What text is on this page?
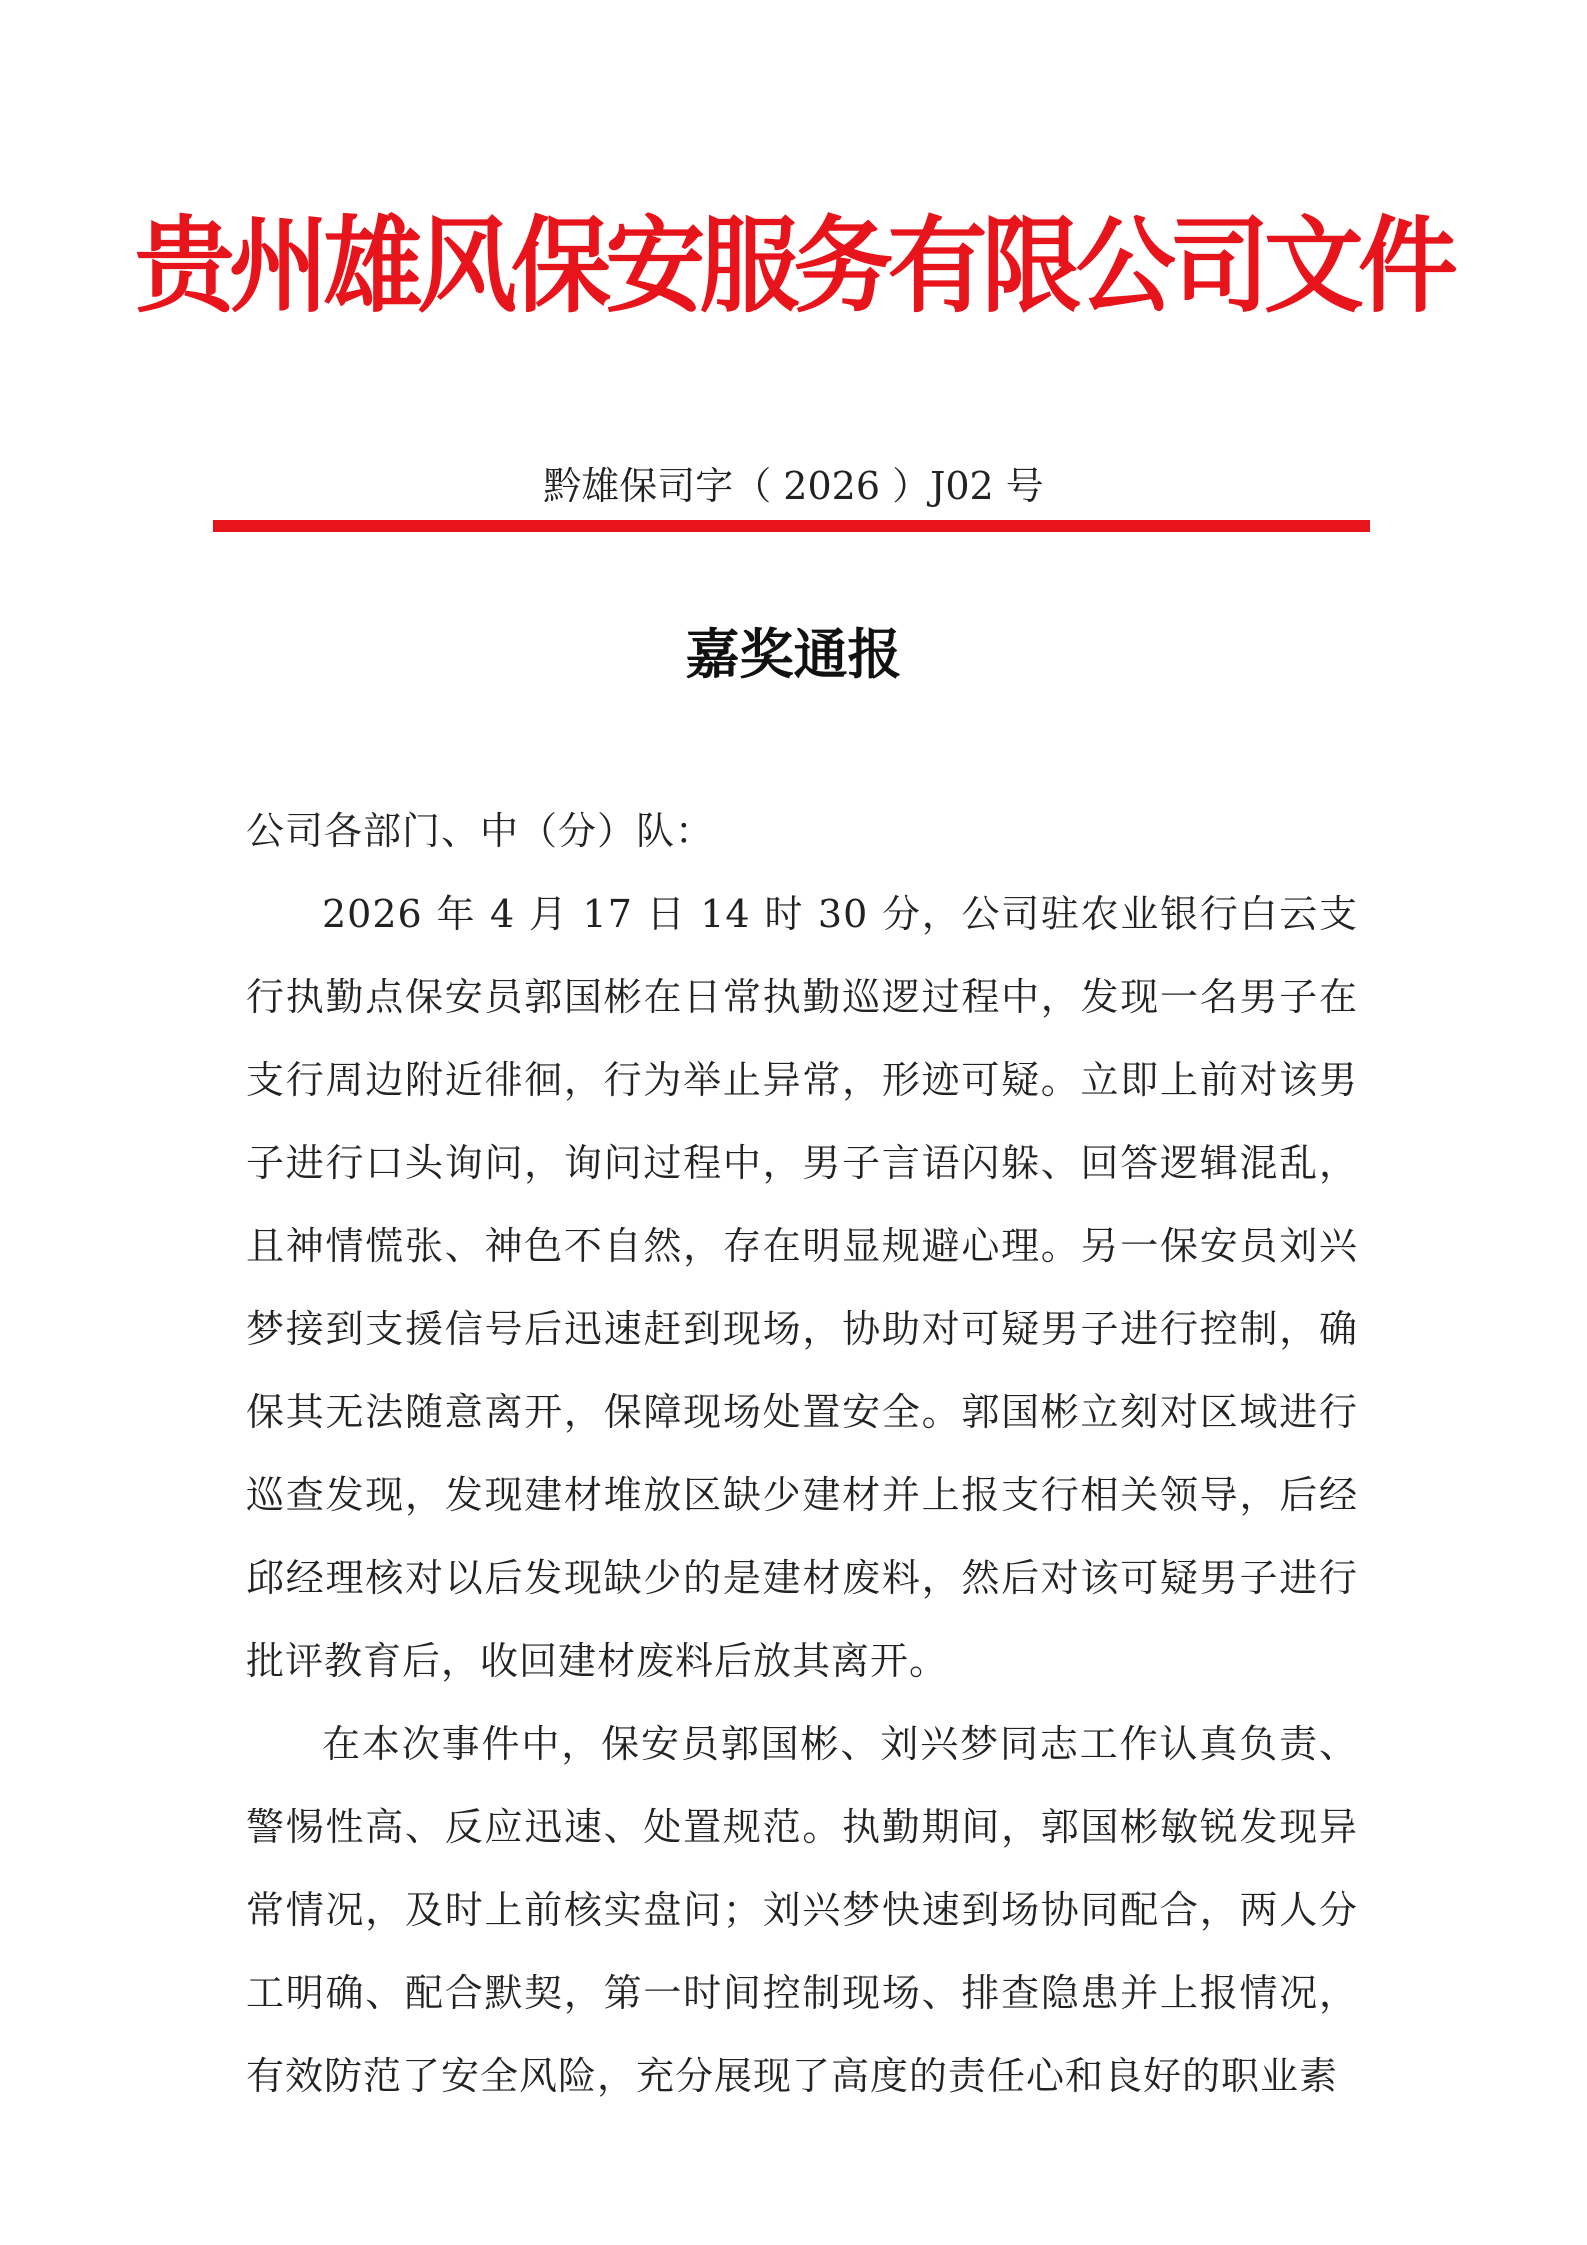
贵州雄风保安服务有限公司文件
黔雄保司字（ 2026 ）J02 号
嘉奖通报

公司各部门、中（分）队：

2026 年 4 月 17 日 14 时 30 分，公司驻农业银行白云支行执勤点保安员郭国彬在日常执勤巡逻过程中，发现一名男子在支行周边附近徘徊，行为举止异常，形迹可疑。立即上前对该男子进行口头询问，询问过程中，男子言语闪躲、回答逻辑混乱，且神情慌张、神色不自然，存在明显规避心理。另一保安员刘兴梦接到支援信号后迅速赶到现场，协助对可疑男子进行控制，确保其无法随意离开，保障现场处置安全。郭国彬立刻对区域进行巡查发现，发现建材堆放区缺少建材并上报支行相关领导，后经邱经理核对以后发现缺少的是建材废料，然后对该可疑男子进行批评教育后，收回建材废料后放其离开。

在本次事件中，保安员郭国彬、刘兴梦同志工作认真负责、警惕性高、反应迅速、处置规范。执勤期间，郭国彬敏锐发现异常情况，及时上前核实盘问；刘兴梦快速到场协同配合，两人分工明确、配合默契，第一时间控制现场、排查隐患并上报情况，有效防范了安全风险，充分展现了高度的责任心和良好的职业素
